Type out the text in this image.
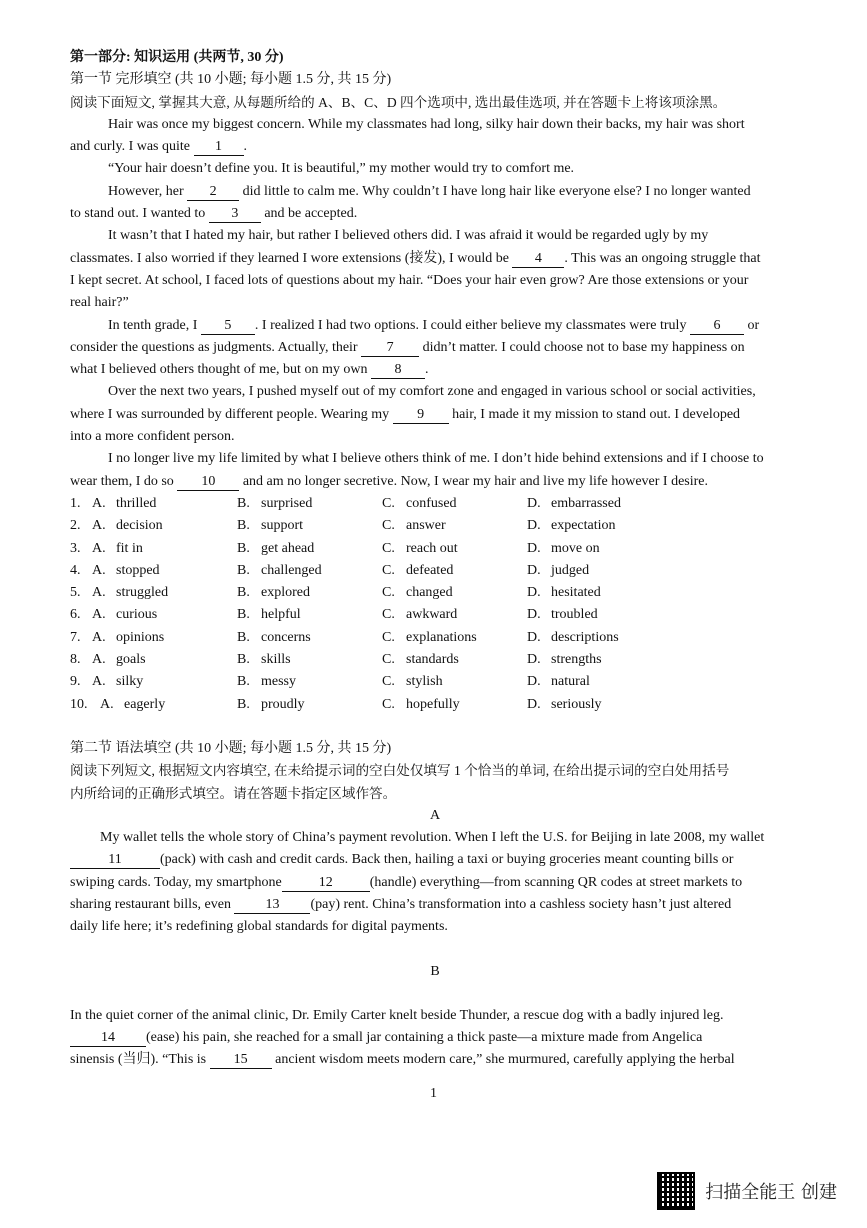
第一部分: 知识运用 (共两节, 30 分)
第一节 完形填空 (共 10 小题; 每小题 1.5 分, 共 15 分)
阅读下面短文, 掌握其大意, 从每题所给的 A、B、C、D 四个选项中, 选出最佳选项, 并在答题卡上将该项涂黑。
Hair was once my biggest concern. While my classmates had long, silky hair down their backs, my hair was short
and curly. I was quite 1 .
“Your hair doesn’t define you. It is beautiful,” my mother would try to comfort me.
However, her 2 did little to calm me. Why couldn’t I have long hair like everyone else? I no longer wanted
to stand out. I wanted to 3 and be accepted.
It wasn’t that I hated my hair, but rather I believed others did. I was afraid it would be regarded ugly by my
classmates. I also worried if they learned I wore extensions (接发), I would be 4 . This was an ongoing struggle that
I kept secret. At school, I faced lots of questions about my hair. “Does your hair even grow? Are those extensions or your
real hair?”
In tenth grade, I 5 . I realized I had two options. I could either believe my classmates were truly 6 or
consider the questions as judgments. Actually, their 7 didn’t matter. I could choose not to base my happiness on
what I believed others thought of me, but on my own 8 .
Over the next two years, I pushed myself out of my comfort zone and engaged in various school or social activities,
where I was surrounded by different people. Wearing my 9 hair, I made it my mission to stand out. I developed
into a more confident person.
I no longer live my life limited by what I believe others think of me. I don’t hide behind extensions and if I choose to
wear them, I do so 10 and am no longer secretive. Now, I wear my hair and live my life however I desire.
1. A. thrilled	B. surprised	C. confused	D. embarrassed
2. A. decision	B. support	C. answer	D. expectation
3. A. fit in	B. get ahead	C. reach out	D. move on
4. A. stopped	B. challenged	C. defeated	D. judged
5. A. struggled	B. explored	C. changed	D. hesitated
6. A. curious	B. helpful	C. awkward	D. troubled
7. A. opinions	B. concerns	C. explanations	D. descriptions
8. A. goals	B. skills	C. standards	D. strengths
9. A. silky	B. messy	C. stylish	D. natural
10. A. eagerly	B. proudly	C. hopefully	D. seriously
第二节 语法填空 (共 10 小题; 每小题 1.5 分, 共 15 分)
阅读下列短文, 根据短文内容填空, 在未给提示词的空白处仅填写 1 个恰当的单词, 在给出提示词的空白处用括号
内所给词的正确形式填空。请在答题卡指定区域作答。
A
My wallet tells the whole story of China’s payment revolution. When I left the U.S. for Beijing in late 2008, my wallet
11	(pack) with cash and credit cards. Back then, hailing a taxi or buying groceries meant counting bills or
swiping cards. Today, my smartphone	12	(handle) everything—from scanning QR codes at street markets to
sharing restaurant bills, even 13 (pay) rent. China’s transformation into a cashless society hasn’t just altered
daily life here; it’s redefining global standards for digital payments.
B
In the quiet corner of the animal clinic, Dr. Emily Carter knelt beside Thunder, a rescue dog with a badly injured leg.
14 (ease) his pain, she reached for a small jar containing a thick paste—a mixture made from Angelica
sinensis (当归). “This is 15 ancient wisdom meets modern care,” she murmured, carefully applying the herbal
1
扫描全能王 创建
